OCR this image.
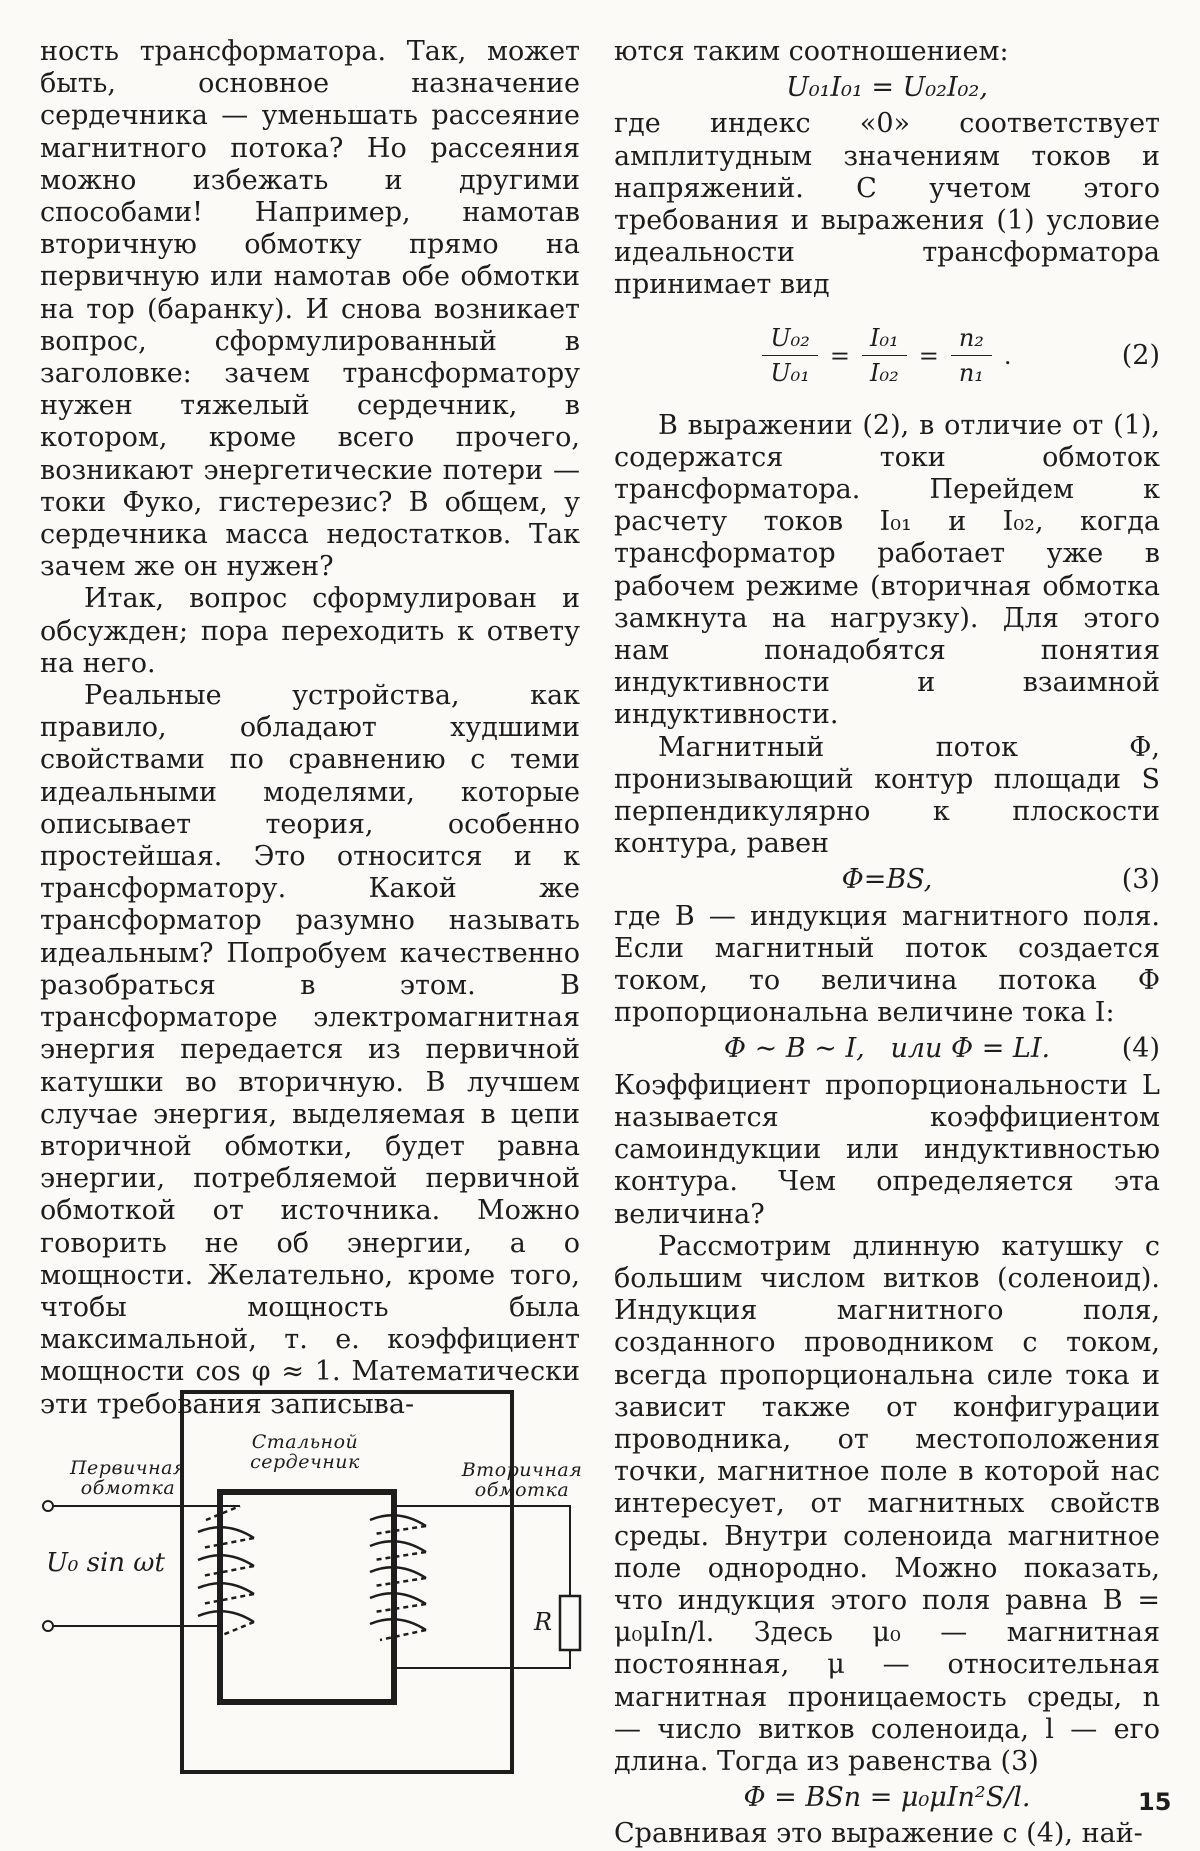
ность трансформатора. Так, может быть, основное назначение сердечника — уменьшать рассеяние магнитного потока? Но рассеяния можно избежать и другими способами! Например, намотав вторичную обмотку прямо на первичную или намотав обе обмотки на тор (баранку). И снова возникает вопрос, сформулированный в заголовке: зачем трансформатору нужен тяжелый сердечник, в котором, кроме всего прочего, возникают энергетические потери — токи Фуко, гистерезис? В общем, у сердечника масса недостатков. Так зачем же он нужен?

Итак, вопрос сформулирован и обсужден; пора переходить к ответу на него.

Реальные устройства, как правило, обладают худшими свойствами по сравнению с теми идеальными моделями, которые описывает теория, особенно простейшая. Это относится и к трансформатору. Какой же трансформатор разумно называть идеальным? Попробуем качественно разобраться в этом. В трансформаторе электромагнитная энергия передается из первичной катушки во вторичную. В лучшем случае энергия, выделяемая в цепи вторичной обмотки, будет равна энергии, потребляемой первичной обмоткой от источника. Можно говорить не об энергии, а о мощности. Желательно, кроме того, чтобы мощность была максимальной, т. е. коэффициент мощности cos φ ≈ 1. Математически эти требования записыва-

Первичная обмотка
Стальной сердечник	Вторичная обмотка
U₀ sin ωt
R

ются таким соотношением:

U₀₁I₀₁ = U₀₂I₀₂,

где индекс «0» соответствует амплитудным значениям токов и напряжений. С учетом этого требования и выражения (1) условие идеальности трансформатора принимает вид

$\frac{\text{U₀₂}}{\text{U₀₁}} = \frac{\text{I₀₁}}{\text{I₀₂}} = \frac{\text{n₂}}{\text{n₁}}$ .	(2)

В выражении (2), в отличие от (1), содержатся токи обмоток трансформатора. Перейдем к расчету токов I₀₁ и I₀₂, когда трансформатор работает уже в рабочем режиме (вторичная обмотка замкнута на нагрузку). Для этого нам понадобятся понятия индуктивности и взаимной индуктивности.

Магнитный поток Φ, пронизывающий контур площади S перпендикулярно к плоскости контура, равен

Φ=BS,	(3)

где B — индукция магнитного поля. Если магнитный поток создается током, то величина потока Φ пропорциональна величине тока I:

Φ ∼ B ∼ I,   или Φ = LI.	(4)

Коэффициент пропорциональности L называется коэффициентом самоиндукции или индуктивностью контура. Чем определяется эта величина?

Рассмотрим длинную катушку с большим числом витков (соленоид). Индукция магнитного поля, созданного проводником с током, всегда пропорциональна силе тока и зависит также от конфигурации проводника, от местоположения точки, магнитное поле в которой нас интересует, от магнитных свойств среды. Внутри соленоида магнитное поле однородно. Можно показать, что индукция этого поля равна B = μ₀μIn/l. Здесь μ₀ — магнитная постоянная, μ — относительная магнитная проницаемость среды, n — число витков соленоида, l — его длина. Тогда из равенства (3)

Φ = BSn = μ₀μIn²S/l.

Сравнивая это выражение с (4), най-

15
